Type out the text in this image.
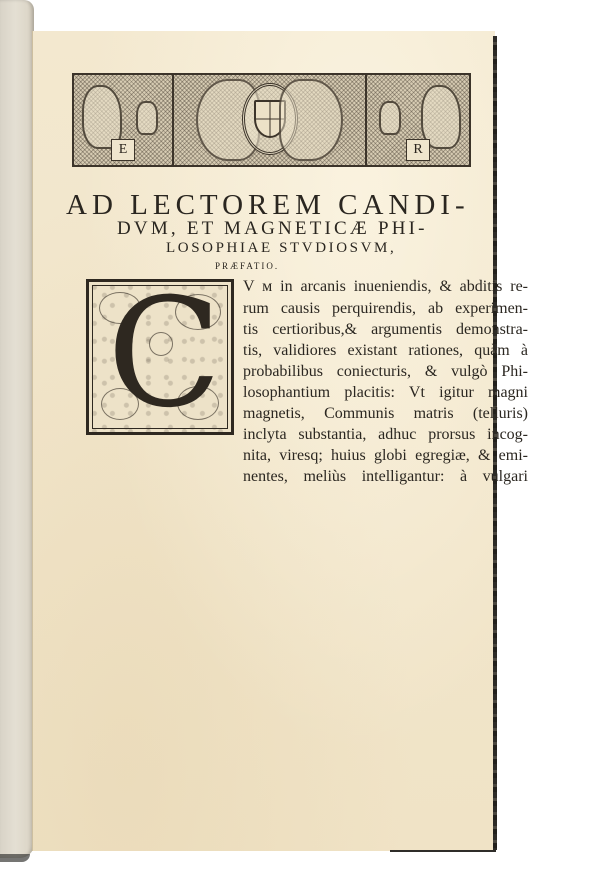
E	R
AD LECTOREM CANDI-
DVM, ET MAGNETICÆ PHI-
LOSOPHIAE STVDIOSVM,
PRÆFATIO.
C V м in arcanis inueniendis, & abditis re-
rum causis perquirendis, ab experimen-
tis certioribus,& argumentis demonstra-
tis, validiores existant rationes, quàm à
probabilibus coniecturis, & vulgò Phi-
losophantium placitis: Vt igitur magni
magnetis, Communis matris (telluris)
inclyta substantia, adhuc prorsus incog-
nita, viresq; huius globi egregiæ, & emi-
nentes, meliùs intelligantur: à vulgari
